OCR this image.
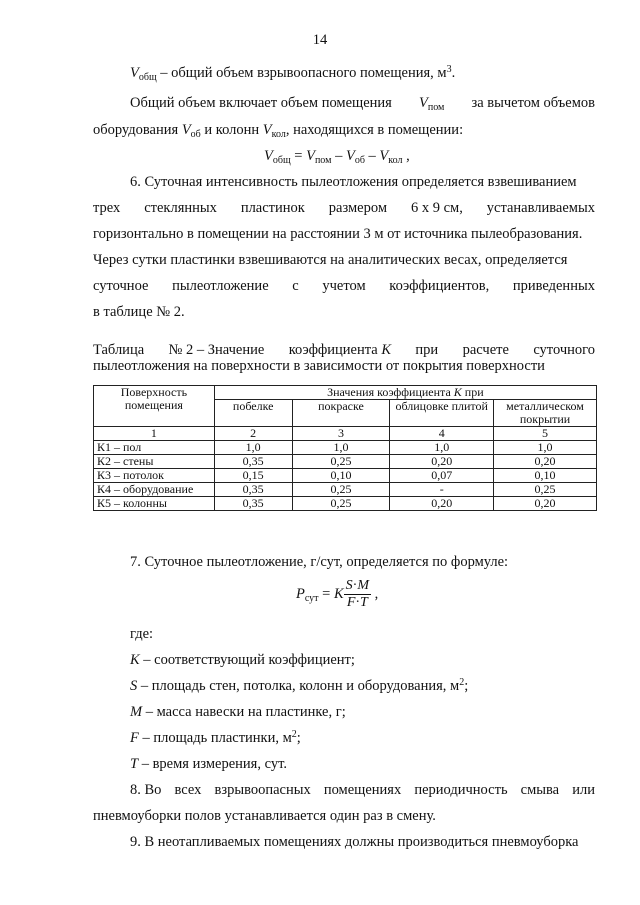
14
$V_{общ}$ – общий объем взрывоопасного помещения, $м^3$.
Общий объем включает объем помещения $V_{пом}$ за вычетом объемов
оборудования $V_{об}$ и колонн $V_{кол}$, находящихся в помещении:
$V_{общ} = V_{пом} - V_{об} - V_{кол}$ ,
6. Суточная интенсивность пылеотложения определяется взвешиванием
трех стеклянных пластинок размером 6 х 9 см, устанавливаемых
горизонтально в помещении на расстоянии 3 м от источника пылеобразования.
Через сутки пластинки взвешиваются на аналитических весах, определяется
суточное пылеотложение с учетом коэффициентов, приведенных
в таблице № 2.
Таблица № 2 – Значение коэффициента K при расчете суточного
пылеотложения на поверхности в зависимости от покрытия поверхности
Поверхность помещения	Значения коэффициента K при			
	побелке	покраске	облицовке плитой	металлическом покрытии
1	2	3	4	5
К1 – пол	1,0	1,0	1,0	1,0
К2 – стены	0,35	0,25	0,20	0,20
К3 – потолок	0,15	0,10	0,07	0,10
К4 – оборудование	0,35	0,25	-	0,25
К5 – колонны	0,35	0,25	0,20	0,20
7. Суточное пылеотложение, г/сут, определяется по формуле:
$P_{сут} = K \frac{S\cdot M}{F\cdot T}$ ,
где:
K – соответствующий коэффициент;
S – площадь стен, потолка, колонн и оборудования, $м^2$;
M – масса навески на пластинке, г;
F – площадь пластинки, $м^2$;
T – время измерения, сут.
8. Во всех взрывоопасных помещениях периодичность смыва или
пневмоуборки полов устанавливается один раз в смену.
9. В неотапливаемых помещениях должны производиться пневмоуборка
